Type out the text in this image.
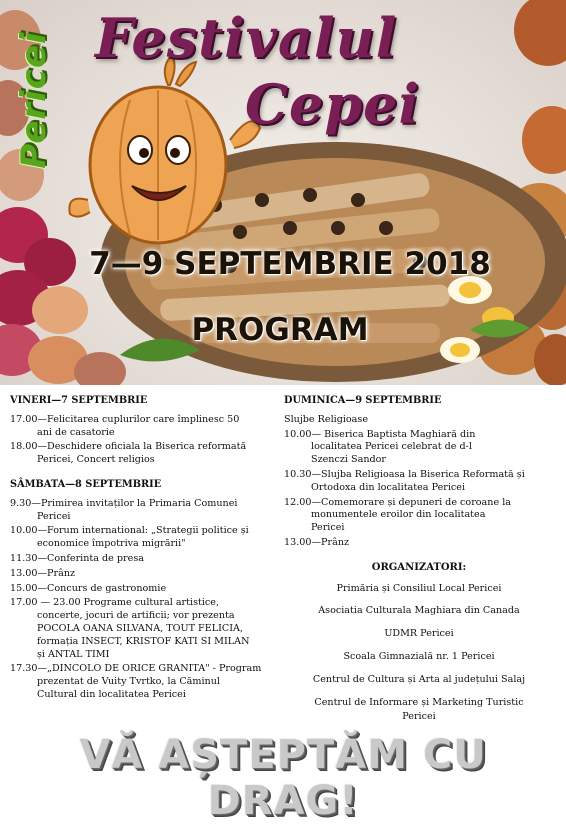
Pericei Festivalul
Cepei
7—9 SEPTEMBRIE 2018
PROGRAM
VINERI—7 SEPTEMBRIE
17.00—Felicitarea cuplurilor care împlinesc 50
ani de casatorie
18.00—Deschidere oficiala la Biserica reformată
Pericei, Concert religios
SÂMBATA—8 SEPTEMBRIE
9.30—Primirea invitaților la Primaria Comunei
Pericei
10.00—Forum international: „Strategii politice și
economice împotriva migrării"
11.30—Conferinta de presa
13.00—Prânz
15.00—Concurs de gastronomie
17.00 — 23.00 Programe cultural artistice,
concerte, jocuri de artificii; vor prezenta
POCOLA OANA SILVANA, TOUT FELICIA,
formația INSECT, KRISTOF KATI SI MILAN
și ANTAL TIMI
17.30—„DINCOLO DE ORICE GRANITA" - Program
prezentat de Vuity Tvrtko, la Căminul
Cultural din localitatea Pericei
DUMINICA—9 SEPTEMBRIE
Slujbe Religioase
10.00— Biserica Baptista Maghiară din
localitatea Pericei celebrat de d-l
Szenczi Sandor
10.30—Slujba Religioasa la Biserica Reformată și
Ortodoxa din localitatea Pericei
12.00—Comemorare și depuneri de coroane la
monumentele eroilor din localitatea
Pericei
13.00—Prânz
ORGANIZATORI:
Primăria și Consiliul Local Pericei
Asociatia Culturala Maghiara din Canada
UDMR Pericei
Scoala Gimnazială nr. 1 Pericei
Centrul de Cultura și Arta al județului Salaj
Centrul de Informare și Marketing Turistic
Pericei
VĂ AȘTEPTĂM CU DRAG!
